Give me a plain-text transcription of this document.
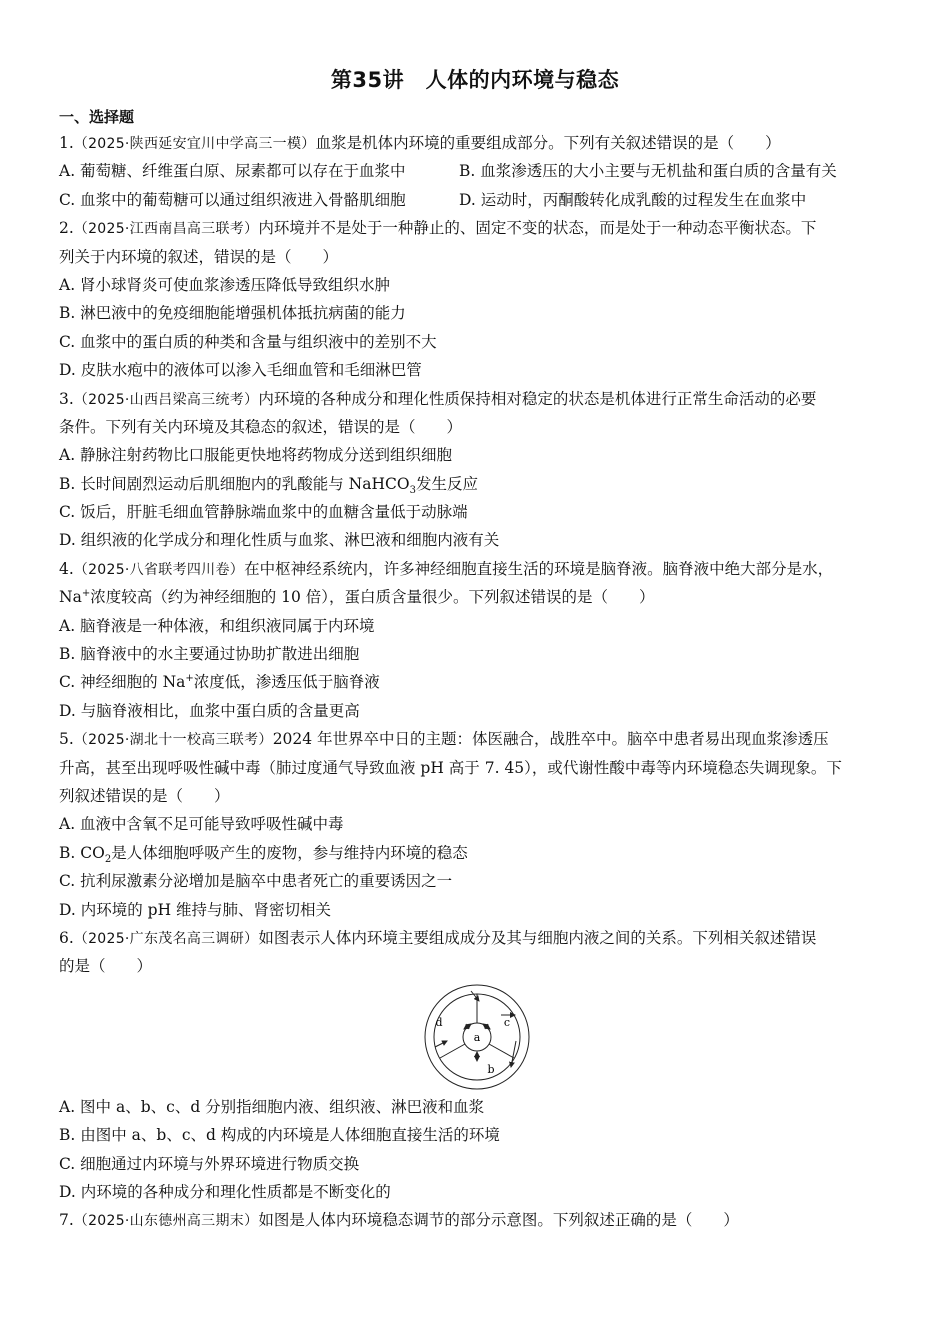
第35讲　人体的内环境与稳态
一、选择题
1.（2025·陕西延安宜川中学高三一模）血浆是机体内环境的重要组成部分。下列有关叙述错误的是（　　）
A. 葡萄糖、纤维蛋白原、尿素都可以存在于血浆中	B. 血浆渗透压的大小主要与无机盐和蛋白质的含量有关
C. 血浆中的葡萄糖可以通过组织液进入骨骼肌细胞	D. 运动时，丙酮酸转化成乳酸的过程发生在血浆中
2.（2025·江西南昌高三联考）内环境并不是处于一种静止的、固定不变的状态，而是处于一种动态平衡状态。下
列关于内环境的叙述，错误的是（　　）
A. 肾小球肾炎可使血浆渗透压降低导致组织水肿
B. 淋巴液中的免疫细胞能增强机体抵抗病菌的能力
C. 血浆中的蛋白质的种类和含量与组织液中的差别不大
D. 皮肤水疱中的液体可以渗入毛细血管和毛细淋巴管
3.（2025·山西吕梁高三统考）内环境的各种成分和理化性质保持相对稳定的状态是机体进行正常生命活动的必要
条件。下列有关内环境及其稳态的叙述，错误的是（　　）
A. 静脉注射药物比口服能更快地将药物成分送到组织细胞
B. 长时间剧烈运动后肌细胞内的乳酸能与 NaHCO$_3$发生反应
C. 饭后，肝脏毛细血管静脉端血浆中的血糖含量低于动脉端
D. 组织液的化学成分和理化性质与血浆、淋巴液和细胞内液有关
4.（2025·八省联考四川卷）在中枢神经系统内，许多神经细胞直接生活的环境是脑脊液。脑脊液中绝大部分是水，
Na+浓度较高（约为神经细胞的 10 倍），蛋白质含量很少。下列叙述错误的是（　　）
A. 脑脊液是一种体液，和组织液同属于内环境
B. 脑脊液中的水主要通过协助扩散进出细胞
C. 神经细胞的 Na+浓度低，渗透压低于脑脊液
D. 与脑脊液相比，血浆中蛋白质的含量更高
5.（2025·湖北十一校高三联考）2024 年世界卒中日的主题：体医融合，战胜卒中。脑卒中患者易出现血浆渗透压
升高，甚至出现呼吸性碱中毒（肺过度通气导致血液 pH 高于 7. 45），或代谢性酸中毒等内环境稳态失调现象。下
列叙述错误的是（　　）
A. 血液中含氧不足可能导致呼吸性碱中毒
B. $CO_2$是人体细胞呼吸产生的废物，参与维持内环境的稳态
C. 抗利尿激素分泌增加是脑卒中患者死亡的重要诱因之一
D. 内环境的 pH 维持与肺、肾密切相关
6.（2025·广东茂名高三调研）如图表示人体内环境主要组成成分及其与细胞内液之间的关系。下列相关叙述错误
的是（　　）
a
d	c
b
A. 图中 a、b、c、d 分别指细胞内液、组织液、淋巴液和血浆
B. 由图中 a、b、c、d 构成的内环境是人体细胞直接生活的环境
C. 细胞通过内环境与外界环境进行物质交换
D. 内环境的各种成分和理化性质都是不断变化的
7.（2025·山东德州高三期末）如图是人体内环境稳态调节的部分示意图。下列叙述正确的是（　　）
